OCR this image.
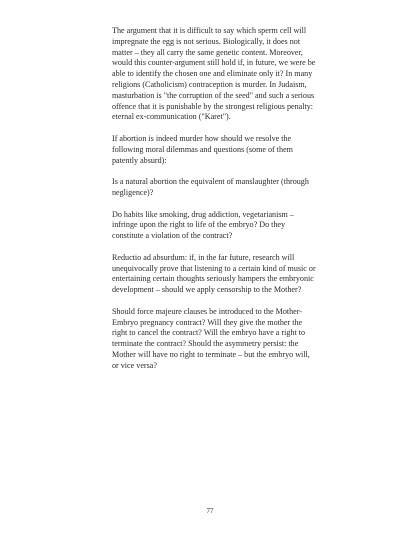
The argument that it is difficult to say which sperm cell will impregnate the egg is not serious. Biologically, it does not matter – they all carry the same genetic content. Moreover, would this counter-argument still hold if, in future, we were be able to identify the chosen one and eliminate only it? In many religions (Catholicism) contraception is murder. In Judaism, masturbation is "the corruption of the seed" and such a serious offence that it is punishable by the strongest religious penalty: eternal ex-communication ("Karet").

If abortion is indeed murder how should we resolve the following moral dilemmas and questions (some of them patently absurd):

Is a natural abortion the equivalent of manslaughter (through negligence)?

Do habits like smoking, drug addiction, vegetarianism – infringe upon the right to life of the embryo? Do they constitute a violation of the contract?

Reductio ad absurdum: if, in the far future, research will unequivocally prove that listening to a certain kind of music or entertaining certain thoughts seriously hampers the embryonic development – should we apply censorship to the Mother?

Should force majeure clauses be introduced to the Mother-Embryo pregnancy contract? Will they give the mother the right to cancel the contract? Will the embryo have a right to terminate the contract? Should the asymmetry persist: the Mother will have no right to terminate – but the embryo will, or vice versa?

77
